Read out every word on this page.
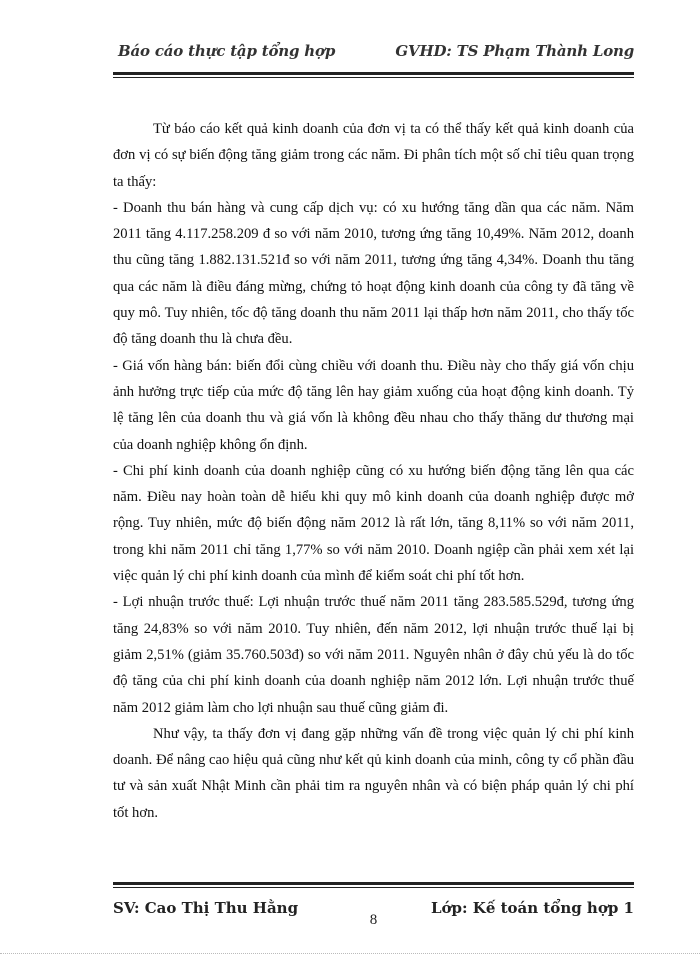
Báo cáo thực tập tổng hợp	GVHD: TS Phạm Thành Long

Từ báo cáo kết quả kinh doanh của đơn vị ta có thể thấy kết quả kinh doanh của đơn vị có sự biến động tăng giảm trong các năm. Đi phân tích một số chỉ tiêu quan trọng ta thấy:

- Doanh thu bán hàng và cung cấp dịch vụ: có xu hướng tăng dần qua các năm. Năm 2011 tăng 4.117.258.209 đ so với năm 2010, tương ứng tăng 10,49%. Năm 2012, doanh thu cũng tăng 1.882.131.521đ so với năm 2011, tương ứng tăng 4,34%. Doanh thu tăng qua các năm là điều đáng mừng, chứng tỏ hoạt động kinh doanh của công ty đã tăng về quy mô. Tuy nhiên, tốc độ tăng doanh thu năm 2011 lại thấp hơn năm 2011, cho thấy tốc độ tăng doanh thu là chưa đều.

- Giá vốn hàng bán: biến đổi cùng chiều với doanh thu. Điều này cho thấy giá vốn chịu ảnh hưởng trực tiếp của mức độ tăng lên hay giảm xuống của hoạt động kinh doanh. Tỷ lệ tăng lên của doanh thu và giá vốn là không đều nhau cho thấy thăng dư thương mại của doanh nghiệp không ổn định.

- Chi phí kinh doanh của doanh nghiệp cũng có xu hướng biến động tăng lên qua các năm. Điều nay hoàn toàn dễ hiểu khi quy mô kinh doanh của doanh nghiệp được mở rộng. Tuy nhiên, mức độ biến động năm 2012 là rất lớn, tăng 8,11% so với năm 2011, trong khi năm 2011 chỉ tăng 1,77% so với năm 2010. Doanh ngiệp cần phải xem xét lại việc quản lý chi phí kinh doanh của mình để kiểm soát chi phí tốt hơn.

- Lợi nhuận trước thuế: Lợi nhuận trước thuế năm 2011 tăng 283.585.529đ, tương ứng tăng 24,83% so với năm 2010. Tuy nhiên, đến năm 2012, lợi nhuận trước thuế lại bị giảm 2,51% (giảm 35.760.503đ) so với năm 2011. Nguyên nhân ở đây chủ yếu là do tốc độ tăng của chi phí kinh doanh của doanh nghiệp năm 2012 lớn. Lợi nhuận trước thuế năm 2012 giảm làm cho lợi nhuận sau thuế cũng giảm đi.

Như vậy, ta thấy đơn vị đang gặp những vấn đề trong việc quản lý chi phí kinh doanh. Để nâng cao hiệu quả cũng như kết qủ kinh doanh của minh, công ty cổ phần đầu tư và sản xuất Nhật Minh cần phải tim ra nguyên nhân và có biện pháp quản lý chi phí tốt hơn.

SV: Cao Thị Thu Hằng	Lớp: Kế toán tổng hợp 1
8
